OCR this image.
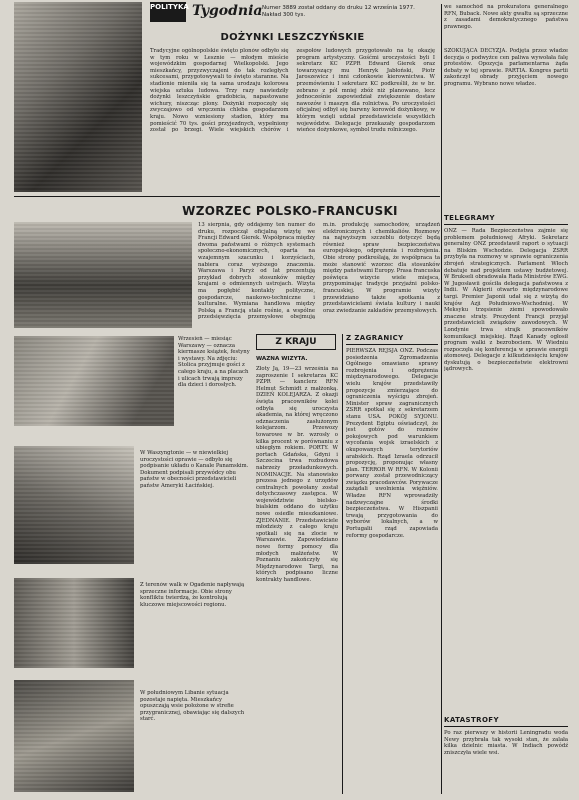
POLITYKA Tygodnia Numer 3889 został oddany do druku 12 września 1977. Nakład 300 tys.
DOŻYNKI LESZCZYŃSKIE
Tradycyjne ogólnopolskie święto plonów odbyło się w tym roku w Lesznie — młodym mieście wojewódzkim gospodarnej Wielkopolski. Jego mieszkańcy, przyzwyczajeni do tak rozległych sukcesami, przygotowywali to święto staranne. Na stadionie mieniła się ta sama urodzaju kolorowa wiejska sztuka ludowa. Trzy razy nawiedziły dożynki leszczyńskie gradobicia, napastowane wichury, niszcząc plony. Dożynki rozpoczęły się zwyczajowo od wręczenia chleba gospodarzom kraju. Nowo wzniesiony stadion, który ma pomieścić 70 tys. gości przyjezdnych, wypełniony został po brzegi. Wiele wiejskich chórów i zespołów ludowych przygotowało na tę okazję program artystyczny. Gośćmi uroczystości byli I sekretarz KC PZPR Edward Gierek oraz towarzyszący mu Henryk Jabłoński, Piotr Jaroszewicz i inni członkowie kierownictwa. W przemówieniu I sekretarz KC podkreślił, że w br. zebrano z pól mniej zbóż niż planowano, lecz jednocześnie zapowiedział zwiększenie dostaw nawozów i maszyn dla rolnictwa. Po uroczystości oficjalnej odbył się barwny korowód dożynkowy, w którym wzięli udział przedstawiciele wszystkich województw. Delegacje przekazały gospodarzom wieńce dożynkowe, symbol trudu rolniczego.
we samochód na prokuratora generalnego RFN, Buback. Nowe akty gwałtu są sprzeczne z zasadami demokratycznego państwa prawnego.
SZOKUJĄCA DECYZJA. Podjęta przez władze decyzja o podwyżce cen paliwa wywołała falę protestów. Opozycja parlamentarna żąda debaty w tej sprawie. PARTIA. Kongres partii zakończył obrady przyjęciem nowego programu. Wybrano nowe władze.
WZORZEC POLSKO-FRANCUSKI
13 sierpnia, gdy oddajemy ten numer do druku, rozpoczął oficjalną wizytę we Francji Edward Gierek. Współpraca między dwoma państwami o różnych systemach społeczno-ekonomicznych, oparta na wzajemnym szacunku i korzyściach, nabiera coraz wyższego znaczenia. Warszawa i Paryż od lat prezentują przykład dobrych stosunków między krajami o odmiennych ustrojach. Wizyta ma pogłębić kontakty polityczne, gospodarcze, naukowo-techniczne i kulturalne. Wymiana handlowa między Polską a Francją stale rośnie, a wspólne przedsięwzięcia przemysłowe obejmują m.in. produkcję samochodów, urządzeń elektronicznych i chemikaliów. Rozmowy na najwyższym szczeblu dotyczyć będą również spraw bezpieczeństwa europejskiego, odprężenia i rozbrojenia. Obie strony podkreślają, że współpraca ta może stanowić wzorzec dla stosunków między państwami Europy. Prasa francuska poświęca wizycie wiele miejsca, przypominając tradycje przyjaźni polsko-francuskiej. W programie wizyty przewidziano także spotkania z przedstawicielami świata kultury i nauki oraz zwiedzanie zakładów przemysłowych.
TELEGRAMY
ONZ — Rada Bezpieczeństwa zajmie się problemem południowej Afryki. Sekretarz generalny ONZ przedstawił raport o sytuacji na Bliskim Wschodzie. Delegacja ZSRR przybyła na rozmowy w sprawie ograniczenia zbrojeń strategicznych. Parlament Włoch debatuje nad projektem ustawy budżetowej. W Brukseli obradowała Rada Ministrów EWG. W Jugosławii gościła delegacja państwowa z Indii. W Algierii otwarto międzynarodowe targi. Premier Japonii udał się z wizytą do krajów Azji Południowo-Wschodniej. W Meksyku trzęsienie ziemi spowodowało znaczne straty. Prezydent Francji przyjął przedstawicieli związków zawodowych. W Londynie trwa strajk pracowników komunikacji miejskiej. Rząd Kanady ogłosił program walki z bezrobociem. W Wiedniu rozpoczęła się konferencja w sprawie energii atomowej. Delegacje z kilkudziesięciu krajów dyskutują o bezpieczeństwie elektrowni jądrowych.
Wrzesień — miesiąc Warszawy — oznacza kiermasze książek, festyny i wystawy. Na zdjęciu: Stolica przyjmuje gości z całego kraju, a na placach i ulicach trwają imprezy dla dzieci i dorosłych.
W Waszyngtonie — w niewielkiej uroczystości oprawie — odbyło się podpisanie układu o Kanale Panamskim. Dokument podpisali przywódcy obu państw w obecności przedstawicieli państw Ameryki Łacińskiej.
Z terenów walk w Ogadenie napływają sprzeczne informacje. Obie strony konfliktu twierdzą, że kontrolują kluczowe miejscowości regionu.
W południowym Libanie sytuacja pozostaje napięta. Mieszkańcy opuszczają wsie położone w strefie przygranicznej, obawiając się dalszych starć.
Z KRAJU
WAŻNA WIZYTA.
Złoty Ją, 19—23 września na zaproszenie I sekretarza KC PZPR — kanclerz RFN Helmut Schmidt z małżonką. DZIEŃ KOLEJARZA. Z okazji święta pracowników kolei odbyła się uroczysta akademia, na której wręczono odznaczenia zasłużonym kolejarzom. Przewozy towarowe w br. wzrosły o kilka procent w porównaniu z ubiegłym rokiem. PORTY. W portach Gdańska, Gdyni i Szczecina trwa rozbudowa nabrzeży przeładunkowych. NOMINACJE. Na stanowisko prezesa jednego z urzędów centralnych powołany został dotychczasowy zastępca. W województwie bielsko-bialskim oddano do użytku nowe osiedle mieszkaniowe. ZJEDNANIE. Przedstawiciele młodzieży z całego kraju spotkali się na zlocie w Warszawie. Zapowiedziano nowe formy pomocy dla młodych małżeństw. W Poznaniu zakończyły się Międzynarodowe Targi, na których podpisano liczne kontrakty handlowe.
Z ZAGRANICY
PIERWSZA REJSJA ONZ. Podczas posiedzenia Zgromadzenia Ogólnego omawiano sprawy rozbrojenia i odprężenia międzynarodowego. Delegacje wielu krajów przedstawiły propozycje zmierzające do ograniczenia wyścigu zbrojeń. Minister spraw zagranicznych ZSRR spotkał się z sekretarzem stanu USA. POKÓJ SYJONU. Prezydent Egiptu oświadczył, że jest gotów do rozmów pokojowych pod warunkiem wycofania wojsk izraelskich z okupowanych terytoriów arabskich. Rząd Izraela odrzucił propozycję, proponując własny plan. TERROR W RFN. W Kolonii porwany został przewodniczący związku pracodawców. Porywacze zażądali uwolnienia więźniów. Władze RFN wprowadziły nadzwyczajne środki bezpieczeństwa. W Hiszpanii trwają przygotowania do wyborów lokalnych, a w Portugalii rząd zapowiada reformy gospodarcze.
KATASTROFY
Po raz pierwszy w historii Leningradu woda Newy przybrała tak wysoki stan, że zalała kilka dzielnic miasta. W Indiach powódź zniszczyła wiele wsi.
